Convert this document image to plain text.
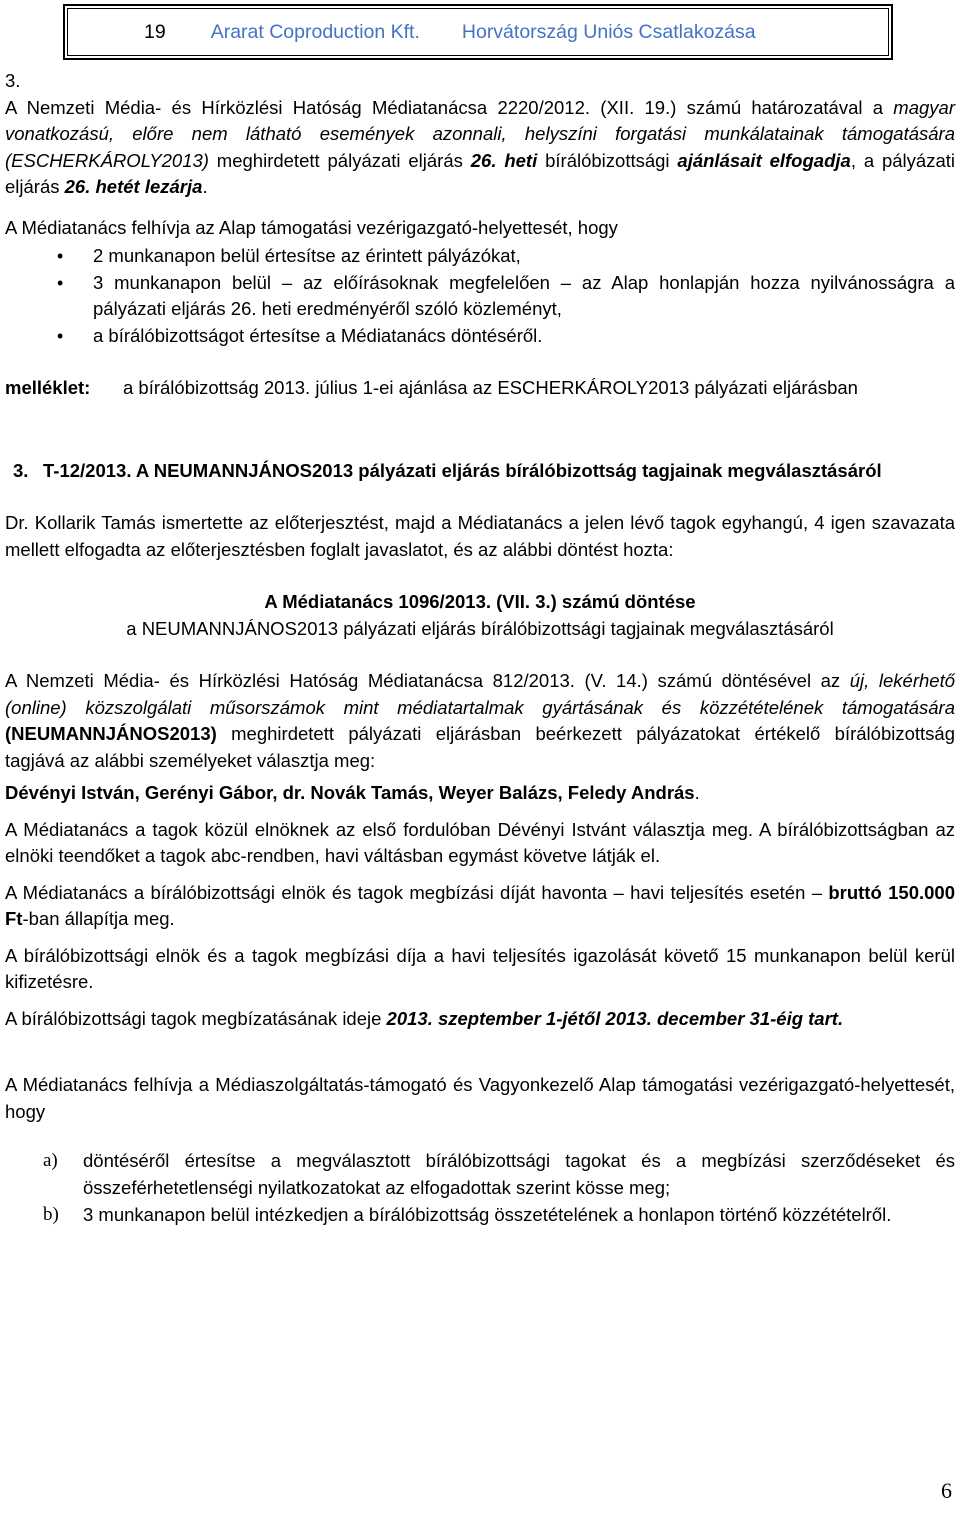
19 Ararat Coproduction Kft. Horvátország Uniós Csatlakozása

3.

A Nemzeti Média- és Hírközlési Hatóság Médiatanácsa 2220/2012. (XII. 19.) számú határozatával a magyar vonatkozású, előre nem látható események azonnali, helyszíni forgatási munkálatainak támogatására (ESCHERKÁROLY2013) meghirdetett pályázati eljárás 26. heti bírálóbizottsági ajánlásait elfogadja, a pályázati eljárás 26. hetét lezárja.

A Médiatanács felhívja az Alap támogatási vezérigazgató-helyettesét, hogy

• 2 munkanapon belül értesítse az érintett pályázókat,
• 3 munkanapon belül – az előírásoknak megfelelően – az Alap honlapján hozza nyilvánosságra a pályázati eljárás 26. heti eredményéről szóló közleményt,
• a bírálóbizottságot értesítse a Médiatanács döntéséről.

melléklet:	a bírálóbizottság 2013. július 1-ei ajánlása az ESCHERKÁROLY2013 pályázati eljárásban

3. T-12/2013. A NEUMANNJÁNOS2013 pályázati eljárás bírálóbizottság tagjainak megválasztásáról

Dr. Kollarik Tamás ismertette az előterjesztést, majd a Médiatanács a jelen lévő tagok egyhangú, 4 igen szavazata mellett elfogadta az előterjesztésben foglalt javaslatot, és az alábbi döntést hozta:

A Médiatanács 1096/2013. (VII. 3.) számú döntése

a NEUMANNJÁNOS2013 pályázati eljárás bírálóbizottsági tagjainak megválasztásáról

A Nemzeti Média- és Hírközlési Hatóság Médiatanácsa 812/2013. (V. 14.) számú döntésével az új, lekérhető (online) közszolgálati műsorszámok mint médiatartalmak gyártásának és közzétételének támogatására (NEUMANNJÁNOS2013) meghirdetett pályázati eljárásban beérkezett pályázatokat értékelő bírálóbizottság tagjává az alábbi személyeket választja meg:

Dévényi István, Gerényi Gábor, dr. Novák Tamás, Weyer Balázs, Feledy András.

A Médiatanács a tagok közül elnöknek az első fordulóban Dévényi Istvánt választja meg. A bírálóbizottságban az elnöki teendőket a tagok abc-rendben, havi váltásban egymást követve látják el.

A Médiatanács a bírálóbizottsági elnök és tagok megbízási díját havonta – havi teljesítés esetén – bruttó 150.000 Ft-ban állapítja meg.

A bírálóbizottsági elnök és a tagok megbízási díja a havi teljesítés igazolását követő 15 munkanapon belül kerül kifizetésre.

A bírálóbizottsági tagok megbízatásának ideje 2013. szeptember 1-jétől 2013. december 31-éig tart.

A Médiatanács felhívja a Médiaszolgáltatás-támogató és Vagyonkezelő Alap támogatási vezérigazgató-helyettesét, hogy

a) döntéséről értesítse a megválasztott bírálóbizottsági tagokat és a megbízási szerződéseket és összeférhetetlenségi nyilatkozatokat az elfogadottak szerint kösse meg;
b) 3 munkanapon belül intézkedjen a bírálóbizottság összetételének a honlapon történő közzétételről.
6
